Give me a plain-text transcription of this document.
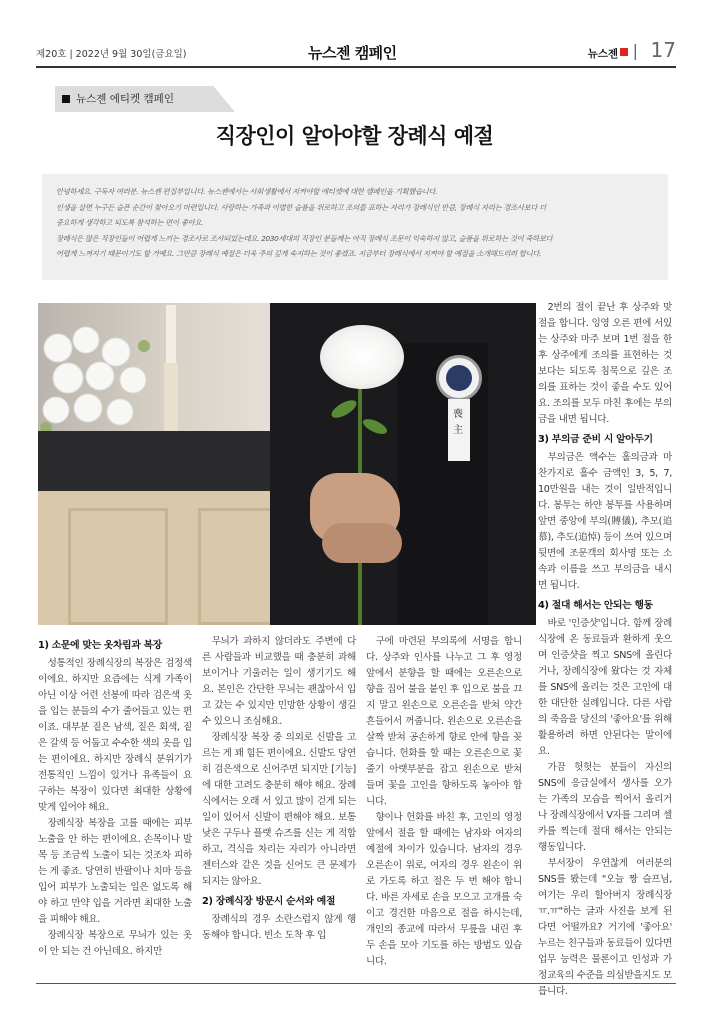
제20호 | 2022년 9월 30일(금요일)	뉴스젠 캠페인	뉴스젠 | 17
뉴스젠 에티켓 캠페인
직장인이 알아야할 장례식 예절
안녕하세요. 구독자 여러분. 뉴스젠 편집부입니다. 뉴스젠에서는 사회생활에서 지켜야할 에티켓에 대한 캠페인을 기획했습니다.
인생을 살면 누구든 슬픈 순간이 찾아오기 마련입니다. 사랑하는 가족과 이별한 슬픔을 위로하고 조의를 표하는 자리가 장례식인 만큼, 장례식 자리는 경조사보다 더
중요하게 생각하고 되도록 참석하는 편이 좋아요.
장례식은 많은 직장인들이 어렵게 느끼는 경조사로 조사되었는데요. 2030세대의 직장인 분들께는 아직 장례식 조문이 익숙하지 않고, 슬픔을 위로하는 것이 죽하보다
어렵게 느껴지기 때문이기도 할 거예요. 그만큼 장례식 예절은 더욱 주의 깊게 숙지하는 것이 좋겠죠. 지금부터 장례식에서 지켜야 할 예절을 소개해드리려 합니다.
喪主

2번의 절이 끝난 후 상주와 맞절을 합니다. 잉영 오른 편에 서있는 상주와 마주 보며 1번 절을 한 후 상주에게 조의를 표현하는 것보다는 되도록 침묵으로 깊은 조의를 표하는 것이 좋을 수도 있어요. 조의를 모두 마친 후에는 부의금을 내면 됩니다.

3) 부의금 준비 시 알아두기

부의금은 액수는 홀의금과 마찬가지로 홀수 금액인 3, 5, 7, 10만원을 내는 것이 일반적입니다. 봉투는 하얀 봉투를 사용하며 앞면 중앙에 부의(賻儀), 추모(追慕), 추도(追悼) 등이 쓰여 있으며 뒷면에 조문객의 회사명 또는 소속과 이름을 쓰고 부의금을 내시면 됩니다.

4) 절대 해서는 안되는 행동

바로 '인증샷'입니다. 함께 장례식장에 온 동료들과 환하게 웃으며 인증샷을 찍고 SNS에 올린다거나, 장례식장에 왔다는 것 자체를 SNS에 올리는 것은 고인에 대한 대단한 실례입니다. 다른 사람의 죽음을 당신의 '좋아요'를 위해 활용하려 하면 안된다는 말이에요.

가끔 헛헛는 분들이 자신의 SNS에 응급실에서 생사를 오가는 가족의 모습을 찍어서 올리거나 장례식장에서 V자를 그리며 셀카를 찍는데 절대 해서는 안되는 행동입니다.

부서장이 우연찮게 여러분의 SNS를 봤는데 "오늘 짱 슬프님, 여기는 우리 할아버지 장례식장 ㅠ.ㅠ"하는 글과 사진을 보게 된다면 어떨까요? 거기에 '좋아요' 누르는 친구들과 동료들이 있다면 업무 능력은 물론이고 인성과 가정교육의 수준을 의심받을지도 모릅니다.

1) 소문에 맞는 옷차림과 복장

성통적인 장례식장의 복장은 검정색이에요. 하지만 요즘에는 식게 가족이 아닌 이상 어련 선봉에 따라 검은색 옷을 입는 분들의 수가 줄어들고 있는 편이죠. 대부분 짙은 남색, 짙은 회색, 짙은 갈색 등 어둡고 수수한 색의 옷을 입는 편이에요. 하지만 장례식 분위기가 전통적인 느낌이 있거나 유족들이 요구하는 복장이 있다면 최대한 상황에 맞게 입어야 해요.

장례식장 복장을 고를 때에는 피부 노출을 안 하는 편이에요. 손목이나 발목 등 조금씩 노출이 되는 것조차 피하는 게 좋죠. 당연히 반팔이나 치마 등을 입어 피부가 노출되는 일은 없도록 해야 하고 만약 입을 거라면 최대한 노출을 피해야 해요.

장례식장 복장으로 무늬가 있는 옷이 안 되는 건 아닌데요. 하지만

무늬가 과하지 않더라도 주변에 다른 사람들과 비교했을 때 충분히 과해보이거나 기울러는 일이 생기기도 해요. 본인은 간단한 무늬는 괜찮아서 입고 갔는 수 있지만 민망한 상황이 생길 수 있으니 조심해요.

장례식장 복장 중 의외로 신발을 고르는 게 꽤 힘든 편이에요. 신발도 당연히 검은색으로 신어주면 되지만 [기능]에 대한 고려도 충분히 해야 해요. 장례식에서는 오래 서 있고 많이 걷게 되는 일이 있어서 신발이 편해야 해요. 보통 낮은 구두나 플랫 슈즈를 신는 게 적합하고, 격식을 차리는 자리가 아니라면 젠터스와 같은 것을 신어도 큰 문제가 되지는 않아요.

2) 장례식장 방문시 순서와 예절

장례식의 경우 소란스럽지 않게 행동해야 합니다. 빈소 도착 후 입

구에 마련된 부의록에 서명을 합니다. 상주와 인사를 나누고 그 후 영정 앞에서 분향을 할 때에는 오른손으로 향을 집어 불을 붙인 후 입으로 불을 끄지 말고 왼손으로 오른손을 받쳐 약간 흔들어서 꺼줍니다. 왼손으로 오른손을 살짝 받쳐 공손하게 향로 안에 향을 꽂습니다. 헌화를 할 때는 오른손으로 꽃줄기 아랫부분을 잡고 왼손으로 받쳐 들며 꽃을 고인을 향하도록 놓아야 합니다.

향이나 헌화를 바친 후, 고인의 영정 앞에서 절을 할 때에는 남자와 여자의 예절에 차이가 있습니다. 남자의 경우 오른손이 위로, 여자의 경우 왼손이 위로 가도록 하고 절은 두 번 해야 합니다. 바른 자세로 손을 모으고 고개를 숙이고 경건한 마음으로 절을 하시는데, 개인의 종교에 따라서 무릎을 내린 후 두 손을 모아 기도를 하는 방법도 있습니다.
